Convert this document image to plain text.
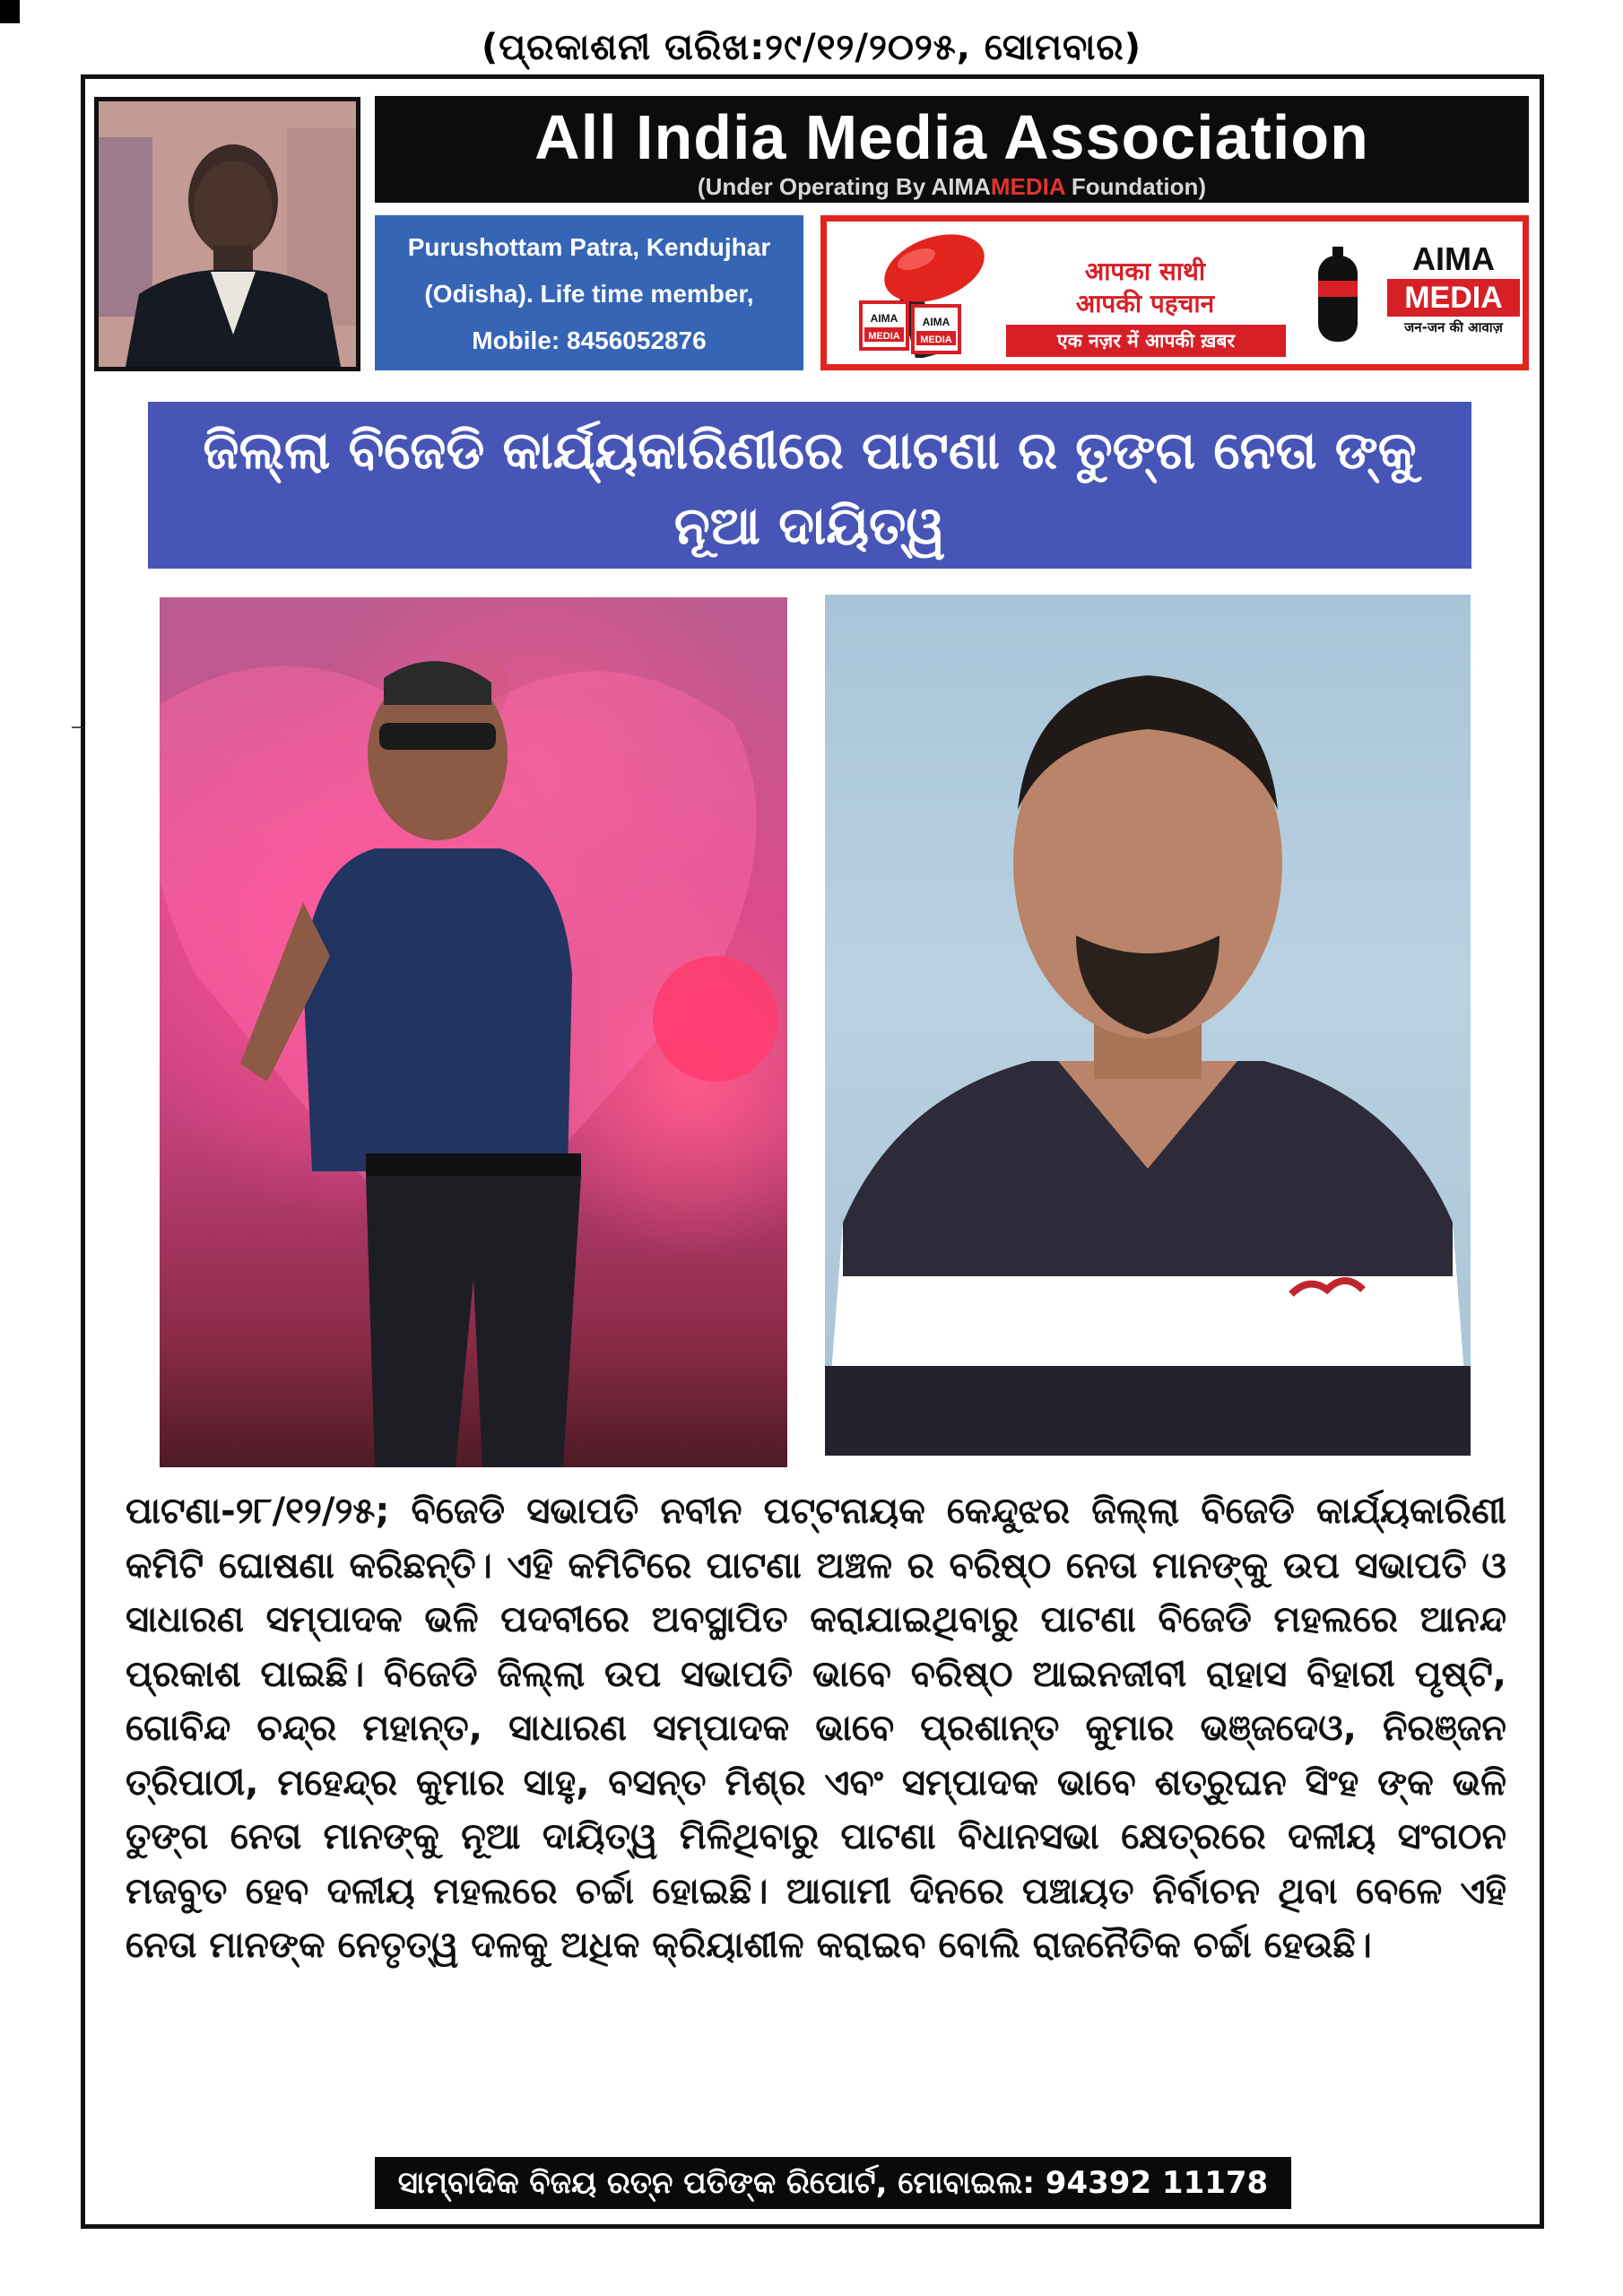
(ପ୍ରକାଶନୀ ତାରିଖ:୨୯/୧୨/୨୦୨୫, ସୋମବାର)
All India Media Association
(Under Operating By AIMAMEDIA Foundation)
Purushottam Patra, Kendujhar
(Odisha). Life time member,
Mobile: 8456052876
AIMA
MEDIA
AIMA
MEDIA
आपका साथी
आपकी पहचान
एक नज़र में आपकी ख़बर
AIMA
MEDIA
जन-जन की आवाज़
ଜିଲ୍ଲା ବିଜେଡି କାର୍ଯ୍ୟକାରିଣୀରେ ପାଟଣା ର ତୁଙ୍ଗ ନେତା ଙ୍କୁ
ନୂଆ ଦାୟିତ୍ୱ
ପାଟଣା-୨୮/୧୨/୨୫; ବିଜେଡି ସଭାପତି ନବୀନ ପଟ୍ଟନାୟକ କେନ୍ଦୁଝର ଜିଲ୍ଲା ବିଜେଡି କାର୍ଯ୍ୟକାରିଣୀ କମିଟି ଘୋଷଣା କରିଛନ୍ତି। ଏହି କମିଟିରେ ପାଟଣା ଅଞ୍ଚଳ ର ବରିଷ୍ଠ ନେତା ମାନଙ୍କୁ ଉପ ସଭାପତି ଓ ସାଧାରଣ ସମ୍ପାଦକ ଭଳି ପଦବୀରେ ଅବସ୍ଥାପିତ କରାଯାଇଥିବାରୁ ପାଟଣା ବିଜେଡି ମହଲରେ ଆନନ୍ଦ ପ୍ରକାଶ ପାଇଛି। ବିଜେଡି ଜିଲ୍ଲା ଉପ ସଭାପତି ଭାବେ ବରିଷ୍ଠ ଆଇନଜୀବୀ ରାହାସ ବିହାରୀ ପୃଷ୍ଟି, ଗୋବିନ୍ଦ ଚନ୍ଦ୍ର ମହାନ୍ତ, ସାଧାରଣ ସମ୍ପାଦକ ଭାବେ ପ୍ରଶାନ୍ତ କୁମାର ଭଞ୍ଜଦେଓ, ନିରଞ୍ଜନ ତ୍ରିପାଠୀ, ମହେନ୍ଦ୍ର କୁମାର ସାହୁ, ବସନ୍ତ ମିଶ୍ର ଏବଂ ସମ୍ପାଦକ ଭାବେ ଶତ୍ରୁଘନ ସିଂହ ଙ୍କ ଭଳି ତୁଙ୍ଗ ନେତା ମାନଙ୍କୁ ନୂଆ ଦାୟିତ୍ୱ ମିଳିଥିବାରୁ ପାଟଣା ବିଧାନସଭା କ୍ଷେତ୍ରରେ ଦଳୀୟ ସଂଗଠନ ମଜବୁତ ହେବ ଦଳୀୟ ମହଲରେ ଚର୍ଚ୍ଚା ହୋଇଛି। ଆଗାମୀ ଦିନରେ ପଞ୍ଚାୟତ ନିର୍ବାଚନ ଥିବା ବେଳେ ଏହି ନେତା ମାନଙ୍କ ନେତୃତ୍ୱ ଦଳକୁ ଅଧିକ କ୍ରିୟାଶୀଳ କରାଇବ ବୋଲି ରାଜନୈତିକ ଚର୍ଚ୍ଚା ହେଉଛି।
ସାମ୍ବାଦିକ ବିଜୟ ରତ୍ନ ପତିଙ୍କ ରିପୋର୍ଟ, ମୋବାଇଲ: 94392 11178
